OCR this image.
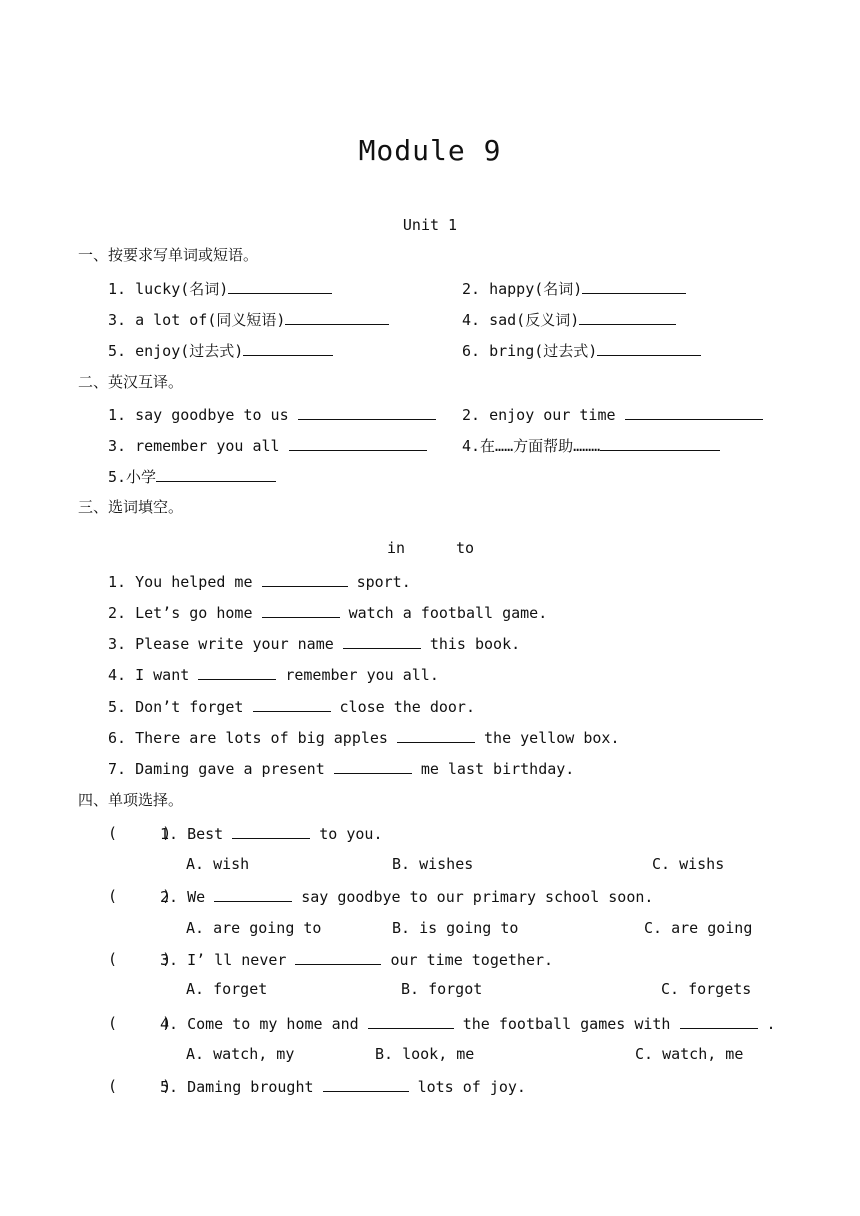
Module 9
Unit 1
一、按要求写单词或短语。
1. lucky(名词)	2. happy(名词)
3. a lot of(同义短语)	4. sad(反义词)
5. enjoy(过去式)	6. bring(过去式)
二、英汉互译。
1. say goodbye to us	2. enjoy our time
3. remember you all	4.在……方面帮助………
5.小学
三、选词填空。
in	to
1. You helped me	sport.
2. Let’s go home	watch a football game.
3. Please write your name	this book.
4. I want	remember you all.
5. Don’t forget	close the door.
6. There are lots of big apples	the yellow box.
7. Daming gave a present	me last birthday.
四、单项选择。
(     )
1. Best	to you.
A. wish	B. wishes	C. wishs
(     )
2. We	say goodbye to our primary school soon.
A. are going to	B. is going to	C. are going
(     )
3. I’ ll never	our time together.
A. forget	B. forgot	C. forgets
(     )
4. Come to my home and	the football games with	.
A. watch, my	B. look, me	C. watch, me
(     )
5. Daming brought	lots of joy.
